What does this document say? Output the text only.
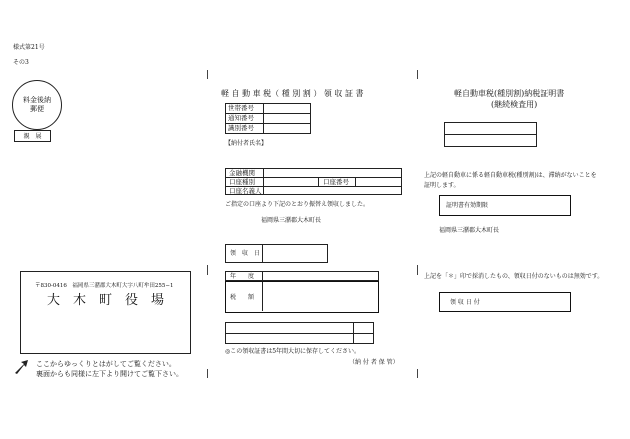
様式第21号
その3
料金後納
郵便
親　展
〒830-0416　福岡県三潴郡大木町大字八町牟田255−1
大　木　町　役　場
ここからゆっくりとはがしてご覧ください。
裏面からも同様に左下より開けてご覧下さい。
軽 自 動 車 税（ 種 別 割 ） 領 収 証 書
世帯番号	
通知番号	
識別番号	
【納付者氏名】
金融機関
口座種別	口座番号
口座名義人
ご指定の口座より下記のとおり振替え領収しました。
福岡県三潴郡大木町長
領　収　日
年　　度
税　　額
◎この領収証書は5年間大切に保存してください。
（納 付 者 保 管）
軽自動車税(種別割)納税証明書
(継続検査用)
上記の軽自動車に係る軽自動車税(種別割)は、滞納がないことを
証明します。
証明書有効期限
福岡県三潴郡大木町長
上記を「＊」印で採消したもの、領収日付のないものは無効です。
領 収 日 付
